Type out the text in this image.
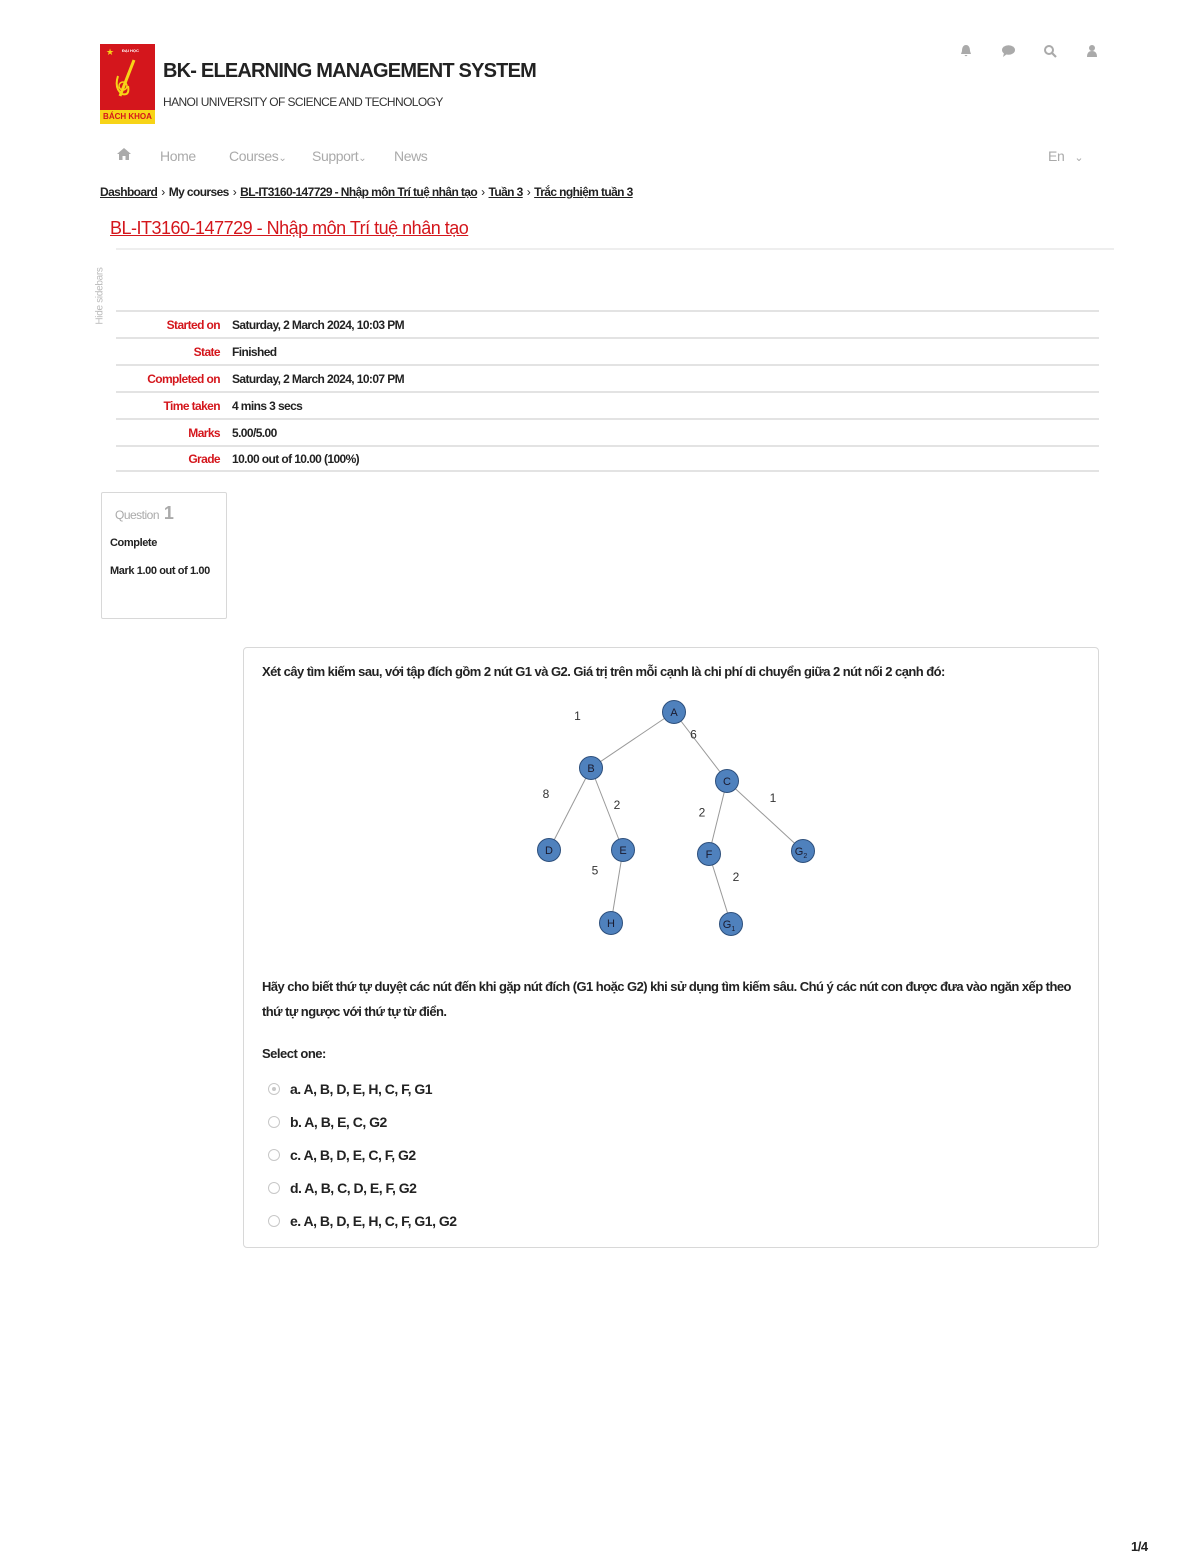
★ ĐẠI HỌC
BÁCH KHOA
BK- ELEARNING MANAGEMENT SYSTEM
HANOI UNIVERSITY OF SCIENCE AND TECHNOLOGY
Home Courses⌄ Support⌄ News	En ⌄
Dashboard › My courses › BL-IT3160-147729 - Nhập môn Trí tuệ nhân tạo › Tuần 3 › Trắc nghiệm tuần 3
BL-IT3160-147729 - Nhập môn Trí tuệ nhân tạo
Hide sidebars	Started on Saturday, 2 March 2024, 10:03 PM
State Finished
Completed on Saturday, 2 March 2024, 10:07 PM
Time taken 4 mins 3 secs
Marks 5.00/5.00
Grade 10.00 out of 10.00 (100%)
Question 1
Complete
Mark 1.00 out of 1.00
Xét cây tìm kiếm sau, với tập đích gồm 2 nút G1 và G2. Giá trị trên mỗi cạnh là chi phí di chuyển giữa 2 nút nối 2 cạnh đó:
1
6
8
2
2
1
5	2
A
B
C
D	E	F	$G_2$
H	$G_1$
Hãy cho biết thứ tự duyệt các nút đến khi gặp nút đích (G1 hoặc G2) khi sử dụng tìm kiếm sâu. Chú ý các nút con được đưa vào ngăn xếp theo thứ tự ngược với thứ tự từ điển.
Select one:
a. A, B, D, E, H, C, F, G1
b. A, B, E, C, G2
c. A, B, D, E, C, F, G2
d. A, B, C, D, E, F, G2
e. A, B, D, E, H, C, F, G1, G2
1/4
